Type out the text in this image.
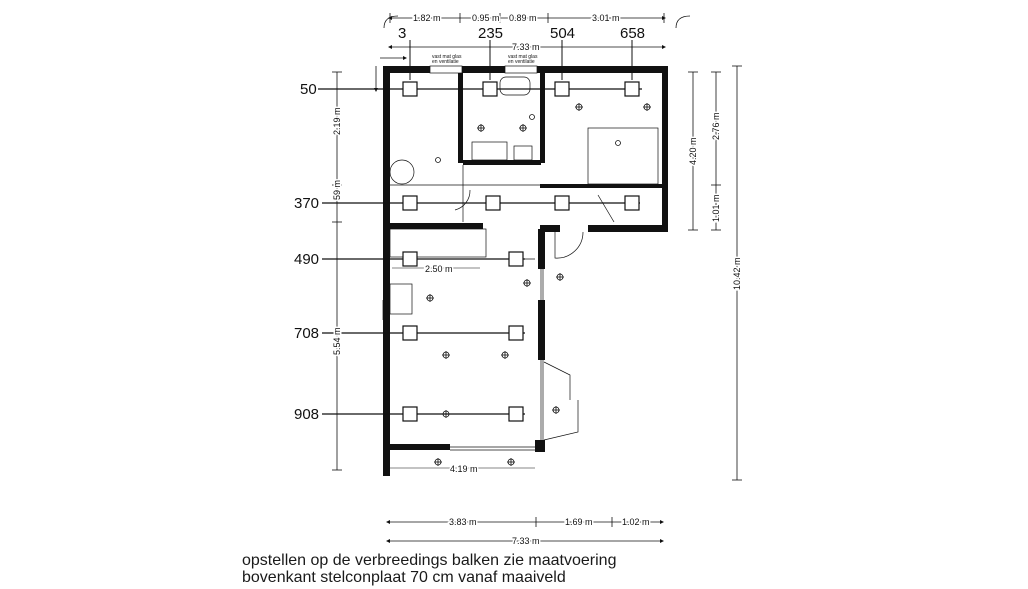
1.82 m	0.95 m 0.89 m	3.01 m
7.33 m
3	235	504	658
vast mat glas en ventilatie
vast mat glas en ventilatie
50
370
490
708
908
2.19 m
59 m
5.54 m
4.20 m
2.76 m
1.01 m
10.42 m
2.50 m
4.19 m
3.83 m	1.69 m	1.02 m
7.33 m
opstellen op de verbreedings balken zie maatvoering
bovenkant stelconplaat 70 cm vanaf maaiveld
